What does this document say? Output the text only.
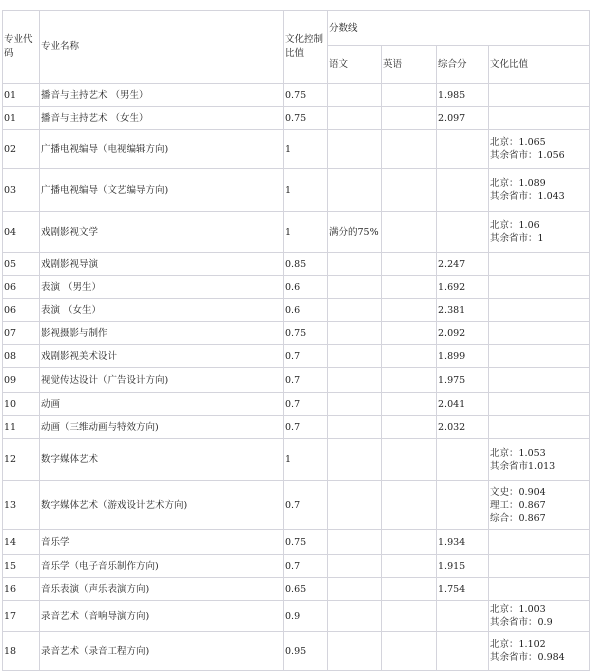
专业代码	专业名称	文化控制比值	分数线			
			语文	英语	综合分	文化比值
01	播音与主持艺术 （男生）	0.75			1.985	
01	播音与主持艺术 （女生）	0.75			2.097	
02	广播电视编导（电视编辑方向)	1				北京：1.065
其余省市：1.056

03	广播电视编导（文艺编导方向)	1				北京：1.089
其余省市：1.043

04	戏剧影视文学	1	满分的75%			北京：1.06
其余省市：1

05	戏剧影视导演	0.85			2.247	
06	表演 （男生）	0.6			1.692	
06	表演 （女生）	0.6			2.381	
07	影视摄影与制作	0.75			2.092	
08	戏剧影视美术设计	0.7			1.899	
09	视觉传达设计（广告设计方向)	0.7			1.975	
10	动画	0.7			2.041	
11	动画（三维动画与特效方向)	0.7			2.032	
12	数字媒体艺术	1				北京：1.053
其余省市1.013

13	数字媒体艺术（游戏设计艺术方向)	0.7				文史：0.904
理工：0.867
综合：0.867

14	音乐学	0.75			1.934	
15	音乐学（电子音乐制作方向)	0.7			1.915	
16	音乐表演（声乐表演方向)	0.65			1.754	
17	录音艺术（音响导演方向)	0.9				北京：1.003
其余省市：0.9

18	录音艺术（录音工程方向)	0.95				北京：1.102
其余省市：0.984
